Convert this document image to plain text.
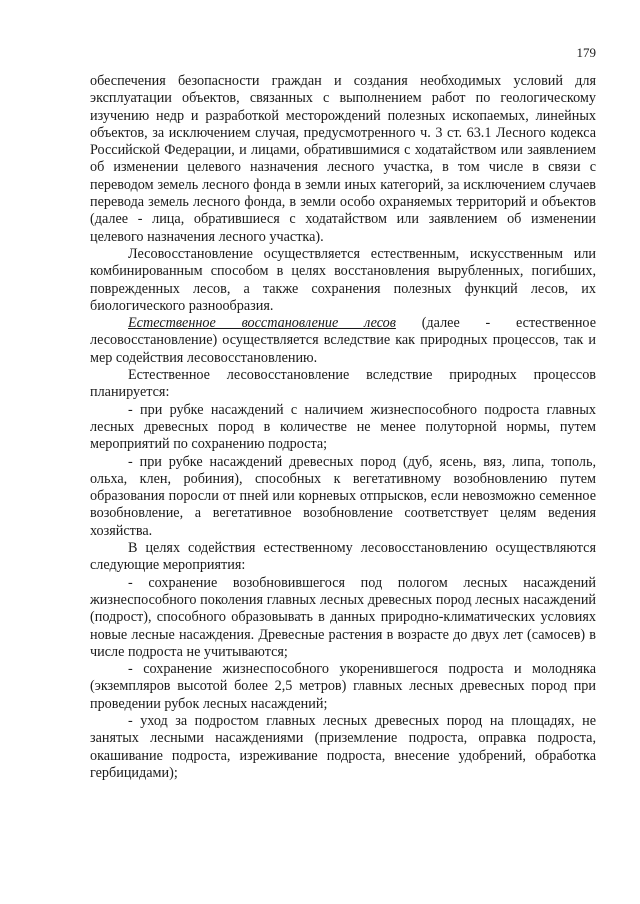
179

обеспечения безопасности граждан и создания необходимых условий для эксплуатации объектов, связанных с выполнением работ по геологическому изучению недр и разработкой месторождений полезных ископаемых, линейных объектов, за исключением случая, предусмотренного ч. 3 ст. 63.1 Лесного кодекса Российской Федерации, и лицами, обратившимися с ходатайством или заявлением об изменении целевого назначения лесного участка, в том числе в связи с переводом земель лесного фонда в земли иных категорий, за исключением случаев перевода земель лесного фонда, в земли особо охраняемых территорий и объектов (далее - лица, обратившиеся с ходатайством или заявлением об изменении целевого назначения лесного участка).

Лесовосстановление осуществляется естественным, искусственным или комбинированным способом в целях восстановления вырубленных, погибших, поврежденных лесов, а также сохранения полезных функций лесов, их биологического разнообразия.

Естественное восстановление лесов (далее - естественное лесовосстановление) осуществляется вследствие как природных процессов, так и мер содействия лесовосстановлению.

Естественное лесовосстановление вследствие природных процессов планируется:

- при рубке насаждений с наличием жизнеспособного подроста главных лесных древесных пород в количестве не менее полуторной нормы, путем мероприятий по сохранению подроста;

- при рубке насаждений древесных пород (дуб, ясень, вяз, липа, тополь, ольха, клен, робиния), способных к вегетативному возобновлению путем образования поросли от пней или корневых отпрысков, если невозможно семенное возобновление, а вегетативное возобновление соответствует целям ведения хозяйства.

В целях содействия естественному лесовосстановлению осуществляются следующие мероприятия:

- сохранение возобновившегося под пологом лесных насаждений жизнеспособного поколения главных лесных древесных пород лесных насаждений (подрост), способного образовывать в данных природно-климатических условиях новые лесные насаждения. Древесные растения в возрасте до двух лет (самосев) в числе подроста не учитываются;

- сохранение жизнеспособного укоренившегося подроста и молодняка (экземпляров высотой более 2,5 метров) главных лесных древесных пород при проведении рубок лесных насаждений;

- уход за подростом главных лесных древесных пород на площадях, не занятых лесными насаждениями (приземление подроста, оправка подроста, окашивание подроста, изреживание подроста, внесение удобрений, обработка гербицидами);
